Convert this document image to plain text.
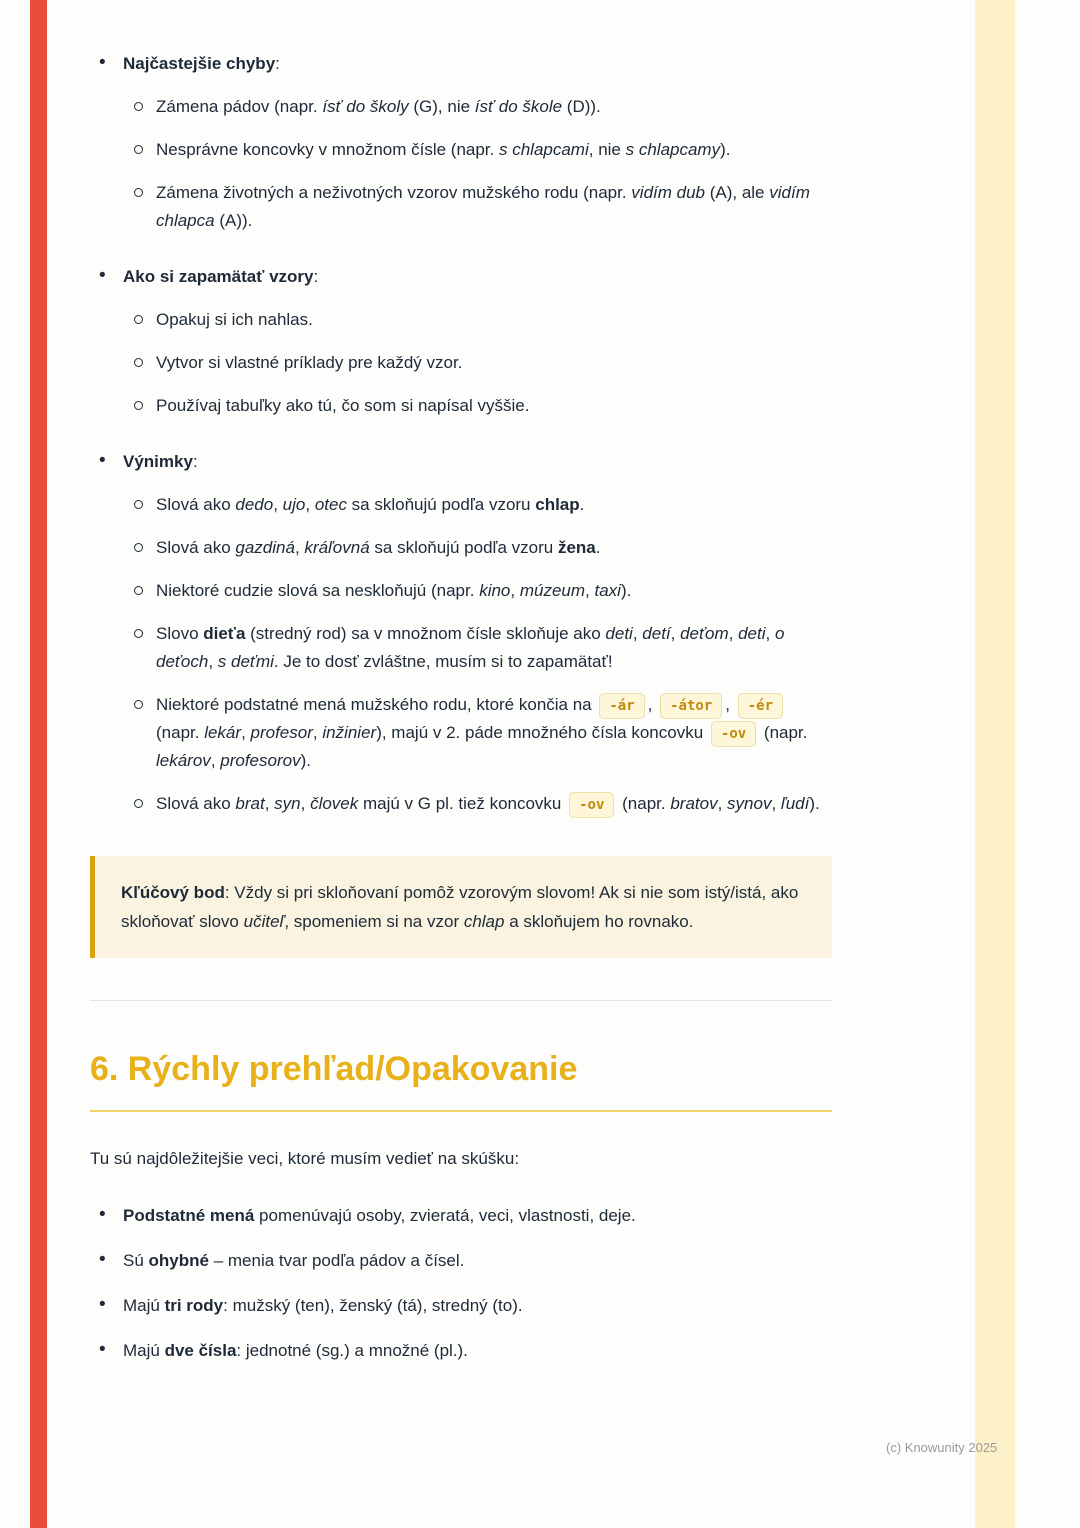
• Najčastejšie chyby:
Zámena pádov (napr. ísť do školy (G), nie ísť do škole (D)).
Nesprávne koncovky v množnom čísle (napr. s chlapcami, nie s chlapcamy).
Zámena životných a neživotných vzorov mužského rodu (napr. vidím dub (A), ale vidím chlapca (A)).
• Ako si zapamätať vzory:
Opakuj si ich nahlas.
Vytvor si vlastné príklady pre každý vzor.
Používaj tabuľky ako tú, čo som si napísal vyššie.
• Výnimky:
Slová ako dedo, ujo, otec sa skloňujú podľa vzoru chlap.
Slová ako gazdiná, kráľovná sa skloňujú podľa vzoru žena.
Niektoré cudzie slová sa neskloňujú (napr. kino, múzeum, taxi).
Slovo dieťa (stredný rod) sa v množnom čísle skloňuje ako deti, detí, deťom, deti, o deťoch, s deťmi. Je to dosť zvláštne, musím si to zapamätať!
Niektoré podstatné mená mužského rodu, ktoré končia na -ár , -átor , -ér (napr. lekár, profesor, inžinier), majú v 2. páde množného čísla koncovku -ov (napr. lekárov, profesorov).
Slová ako brat, syn, človek majú v G pl. tiež koncovku -ov (napr. bratov, synov, ľudí).
Kľúčový bod: Vždy si pri skloňovaní pomôž vzorovým slovom! Ak si nie som istý/istá, ako skloňovať slovo učiteľ, spomeniem si na vzor chlap a skloňujem ho rovnako.
6. Rýchly prehľad/Opakovanie

Tu sú najdôležitejšie veci, ktoré musím vedieť na skúšku:

• Podstatné mená pomenúvajú osoby, zvieratá, veci, vlastnosti, deje.
• Sú ohybné – menia tvar podľa pádov a čísel.
• Majú tri rody: mužský (ten), ženský (tá), stredný (to).
• Majú dve čísla: jednotné (sg.) a množné (pl.).
(c) Knowunity 2025
